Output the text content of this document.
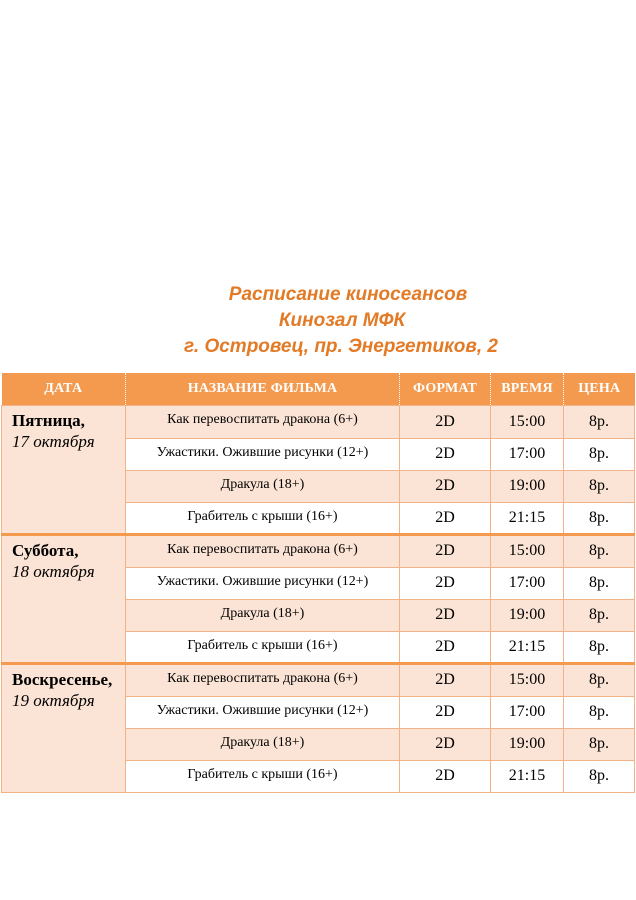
Расписание киносеансов
Кинозал МФК
г. Островец, пр. Энергетиков, 2
ДАТА	НАЗВАНИЕ ФИЛЬМА	ФОРМАТ	ВРЕМЯ	ЦЕНА

Пятница,
17 октября	Как перевоспитать дракона (6+)	2D	15:00	8р.
	Ужастики. Ожившие рисунки (12+)	2D	17:00	8р.
	Дракула (18+)	2D	19:00	8р.
	Грабитель с крыши (16+)	2D	21:15	8р.

Суббота,
18 октября	Как перевоспитать дракона (6+)	2D	15:00	8р.
	Ужастики. Ожившие рисунки (12+)	2D	17:00	8р.
	Дракула (18+)	2D	19:00	8р.
	Грабитель с крыши (16+)	2D	21:15	8р.

Воскресенье,
19 октября	Как перевоспитать дракона (6+)	2D	15:00	8р.
	Ужастики. Ожившие рисунки (12+)	2D	17:00	8р.
	Дракула (18+)	2D	19:00	8р.
	Грабитель с крыши (16+)	2D	21:15	8р.
